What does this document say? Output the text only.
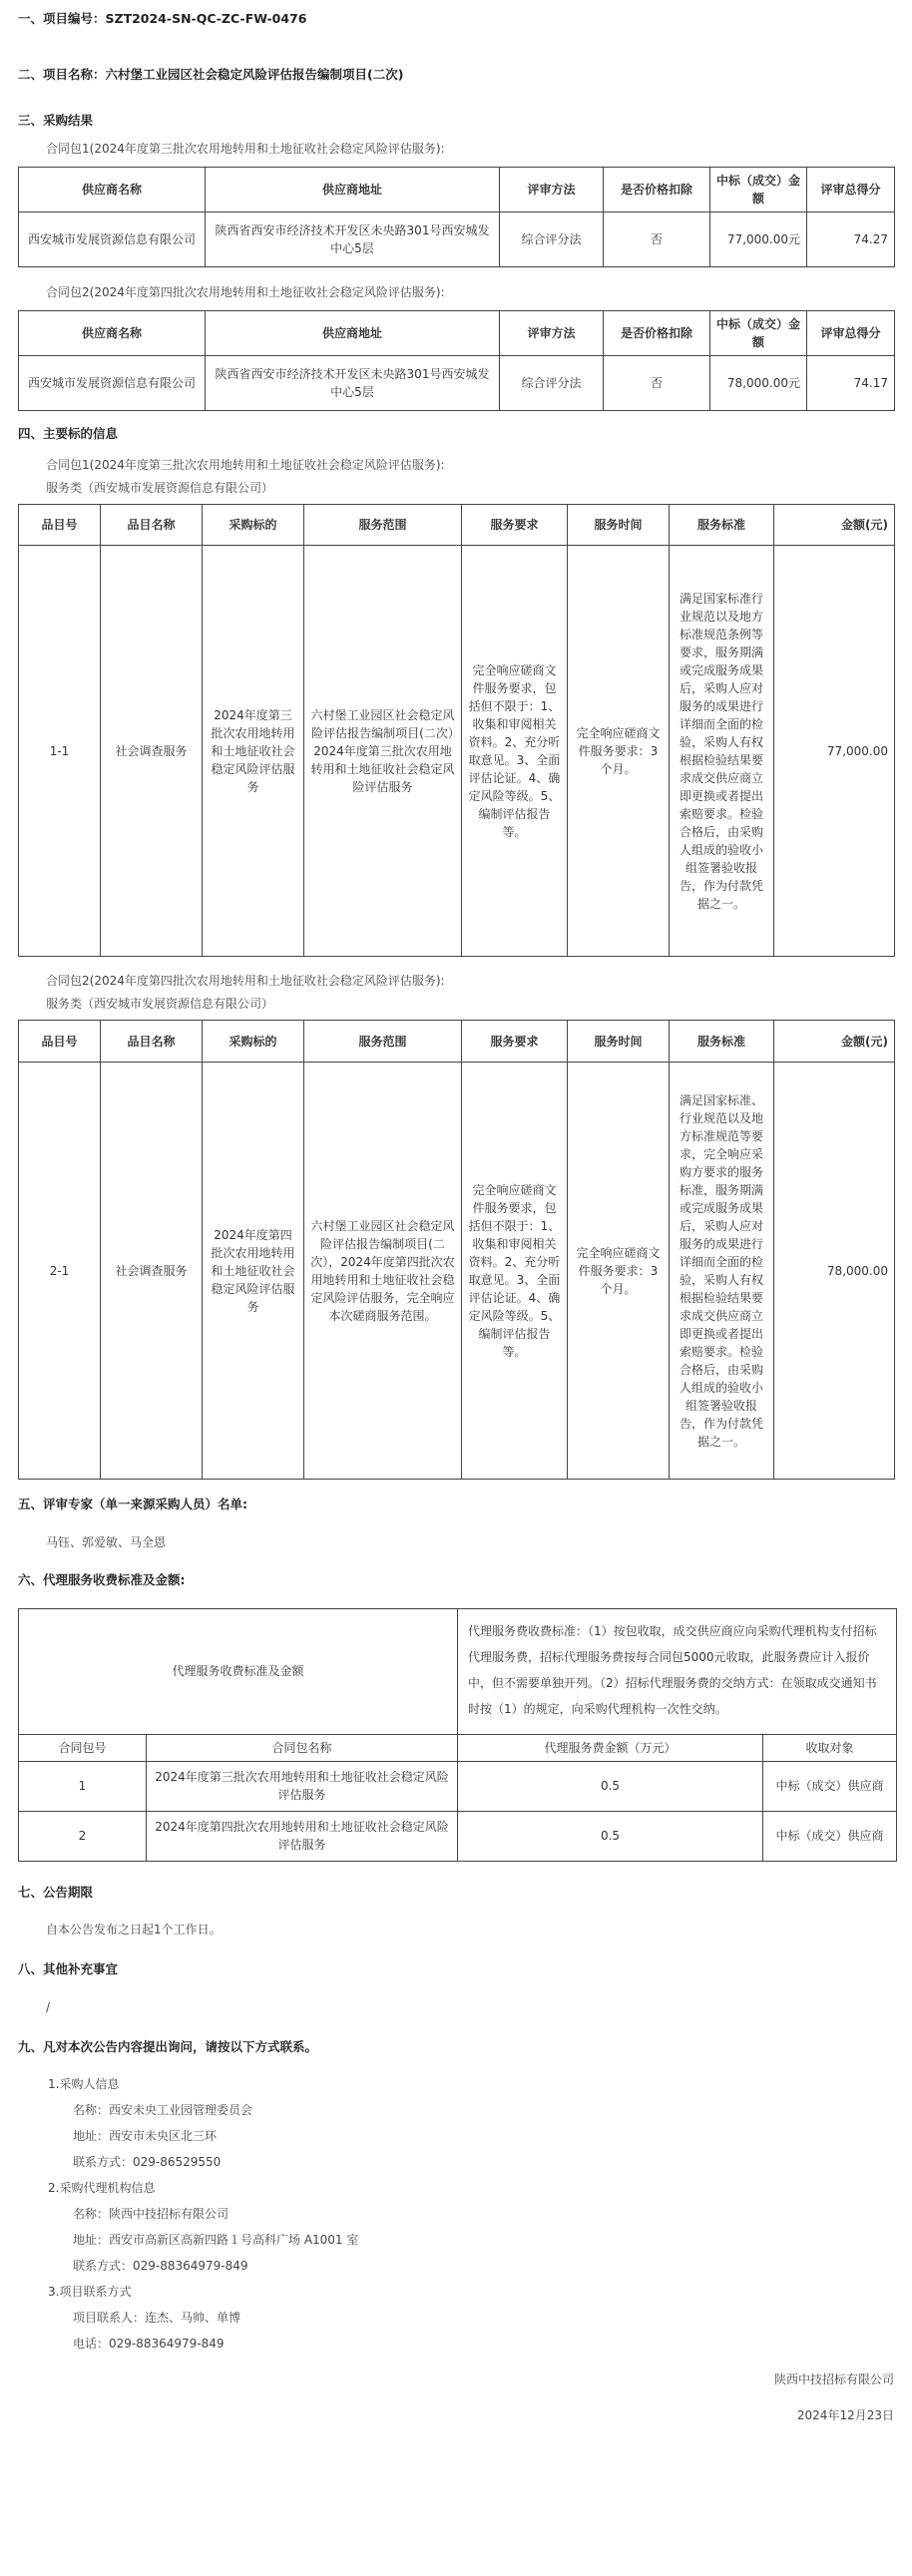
一、项目编号：SZT2024-SN-QC-ZC-FW-0476
二、项目名称：六村堡工业园区社会稳定风险评估报告编制项目(二次)
三、采购结果
合同包1(2024年度第三批次农用地转用和土地征收社会稳定风险评估服务):
供应商名称	供应商地址	评审方法	是否价格扣除	中标（成交）金额	评审总得分
西安城市发展资源信息有限公司	陕西省西安市经济技术开发区未央路301号西安城发中心5层	综合评分法	否	77,000.00元	74.27
合同包2(2024年度第四批次农用地转用和土地征收社会稳定风险评估服务):
供应商名称	供应商地址	评审方法	是否价格扣除	中标（成交）金额	评审总得分
西安城市发展资源信息有限公司	陕西省西安市经济技术开发区未央路301号西安城发中心5层	综合评分法	否	78,000.00元	74.17
四、主要标的信息
合同包1(2024年度第三批次农用地转用和土地征收社会稳定风险评估服务):
服务类（西安城市发展资源信息有限公司）
品目号	品目名称	采购标的	服务范围	服务要求	服务时间	服务标准	金额(元)
1-1	社会调查服务	2024年度第三批次农用地转用和土地征收社会稳定风险评估服务	六村堡工业园区社会稳定风险评估报告编制项目(二次）2024年度第三批次农用地转用和土地征收社会稳定风险评估服务	完全响应磋商文件服务要求，包括但不限于：1、收集和审阅相关资料。2、充分听取意见。3、全面评估论证。4、确定风险等级。5、编制评估报告等。	完全响应磋商文件服务要求：3个月。	满足国家标准行业规范以及地方标准规范条例等要求，服务期满或完成服务成果后，采购人应对服务的成果进行详细而全面的检验，采购人有权根据检验结果要求成交供应商立即更换或者提出索赔要求。检验合格后，由采购人组成的验收小组签署验收报告，作为付款凭据之一。	77,000.00
合同包2(2024年度第四批次农用地转用和土地征收社会稳定风险评估服务):
服务类（西安城市发展资源信息有限公司）
品目号	品目名称	采购标的	服务范围	服务要求	服务时间	服务标准	金额(元)
2-1	社会调查服务	2024年度第四批次农用地转用和土地征收社会稳定风险评估服务	六村堡工业园区社会稳定风险评估报告编制项目(二次），2024年度第四批次农用地转用和土地征收社会稳定风险评估服务，完全响应本次磋商服务范围。	完全响应磋商文件服务要求，包括但不限于：1、收集和审阅相关资料。2、充分听取意见。3、全面评估论证。4、确定风险等级。5、编制评估报告等。	完全响应磋商文件服务要求：3个月。	满足国家标准、行业规范以及地方标准规范等要求，完全响应采购方要求的服务标准，服务期满或完成服务成果后，采购人应对服务的成果进行详细而全面的检验，采购人有权根据检验结果要求成交供应商立即更换或者提出索赔要求。检验合格后，由采购人组成的验收小组签署验收报告，作为付款凭据之一。	78,000.00
五、评审专家（单一来源采购人员）名单:
马钰、郭爱敏、马全恩
六、代理服务收费标准及金额:
代理服务收费标准及金额		代理服务费收费标准：（1）按包收取，成交供应商应向采购代理机构支付招标代理服务费，招标代理服务费按每合同包5000元收取，此服务费应计入报价中，但不需要单独开列。（2）招标代理服务费的交纳方式：在领取成交通知书时按（1）的规定，向采购代理机构一次性交纳。	
合同包号	合同包名称	代理服务费金额（万元）	收取对象
1	2024年度第三批次农用地转用和土地征收社会稳定风险评估服务	0.5	中标（成交）供应商
2	2024年度第四批次农用地转用和土地征收社会稳定风险评估服务	0.5	中标（成交）供应商
七、公告期限
自本公告发布之日起1个工作日。
八、其他补充事宜
/
九、凡对本次公告内容提出询问，请按以下方式联系。
1.采购人信息
名称：西安未央工业园管理委员会
地址：西安市未央区北三环
联系方式：029-86529550
2.采购代理机构信息
名称：陕西中技招标有限公司
地址：西安市高新区高新四路１号高科广场 A1001 室
联系方式：029-88364979-849
3.项目联系方式
项目联系人：连杰、马帅、单博
电话：029-88364979-849
陕西中技招标有限公司
2024年12月23日
